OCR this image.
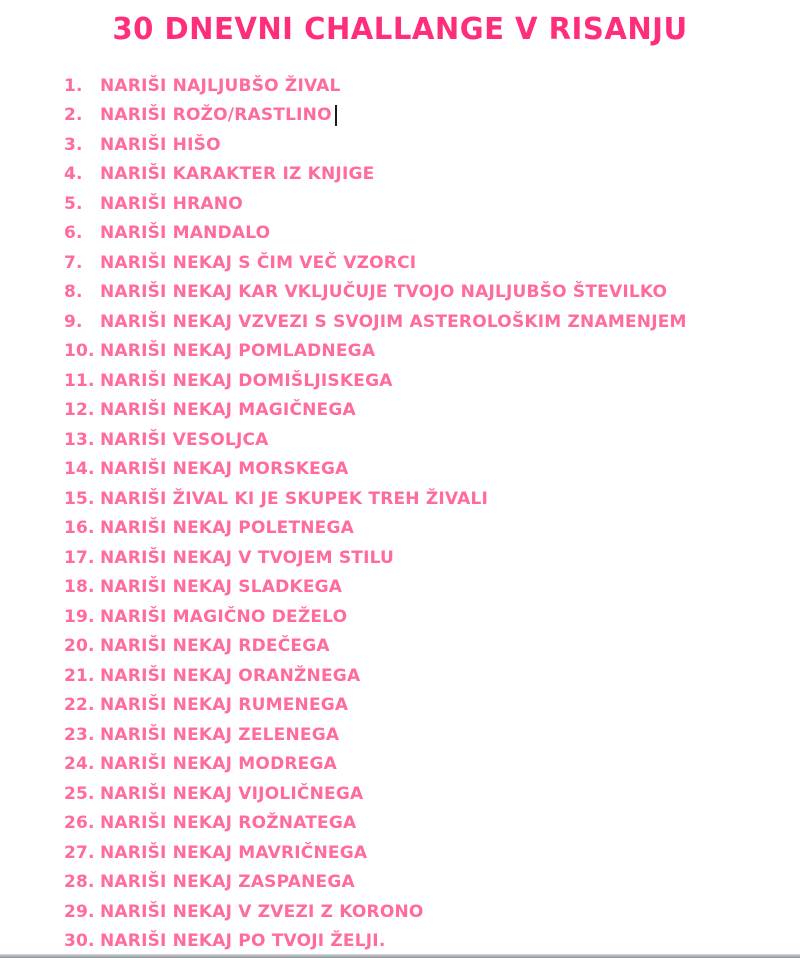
30 DNEVNI CHALLANGE V RISANJU
1.	NARIŠI NAJLJUBŠO ŽIVAL
2.	NARIŠI ROŽO/RASTLINO
3.	NARIŠI HIŠO
4.	NARIŠI KARAKTER IZ KNJIGE
5.	NARIŠI HRANO
6.	NARIŠI MANDALO
7.	NARIŠI NEKAJ S ČIM VEČ VZORCI
8.	NARIŠI NEKAJ KAR VKLJUČUJE TVOJO NAJLJUBŠO ŠTEVILKO
9.	NARIŠI NEKAJ VZVEZI S SVOJIM ASTEROLOŠKIM ZNAMENJEM
10. NARIŠI NEKAJ POMLADNEGA
11. NARIŠI NEKAJ DOMIŠLJISKEGA
12. NARIŠI NEKAJ MAGIČNEGA
13. NARIŠI VESOLJCA
14. NARIŠI NEKAJ MORSKEGA
15. NARIŠI ŽIVAL KI JE SKUPEK TREH ŽIVALI
16. NARIŠI NEKAJ POLETNEGA
17. NARIŠI NEKAJ V TVOJEM STILU
18. NARIŠI NEKAJ SLADKEGA
19. NARIŠI MAGIČNO DEŽELO
20. NARIŠI NEKAJ RDEČEGA
21. NARIŠI NEKAJ ORANŽNEGA
22. NARIŠI NEKAJ RUMENEGA
23. NARIŠI NEKAJ ZELENEGA
24. NARIŠI NEKAJ MODREGA
25. NARIŠI NEKAJ VIJOLIČNEGA
26. NARIŠI NEKAJ ROŽNATEGA
27. NARIŠI NEKAJ MAVRIČNEGA
28. NARIŠI NEKAJ ZASPANEGA
29. NARIŠI NEKAJ V ZVEZI Z KORONO
30. NARIŠI NEKAJ PO TVOJI ŽELJI.
